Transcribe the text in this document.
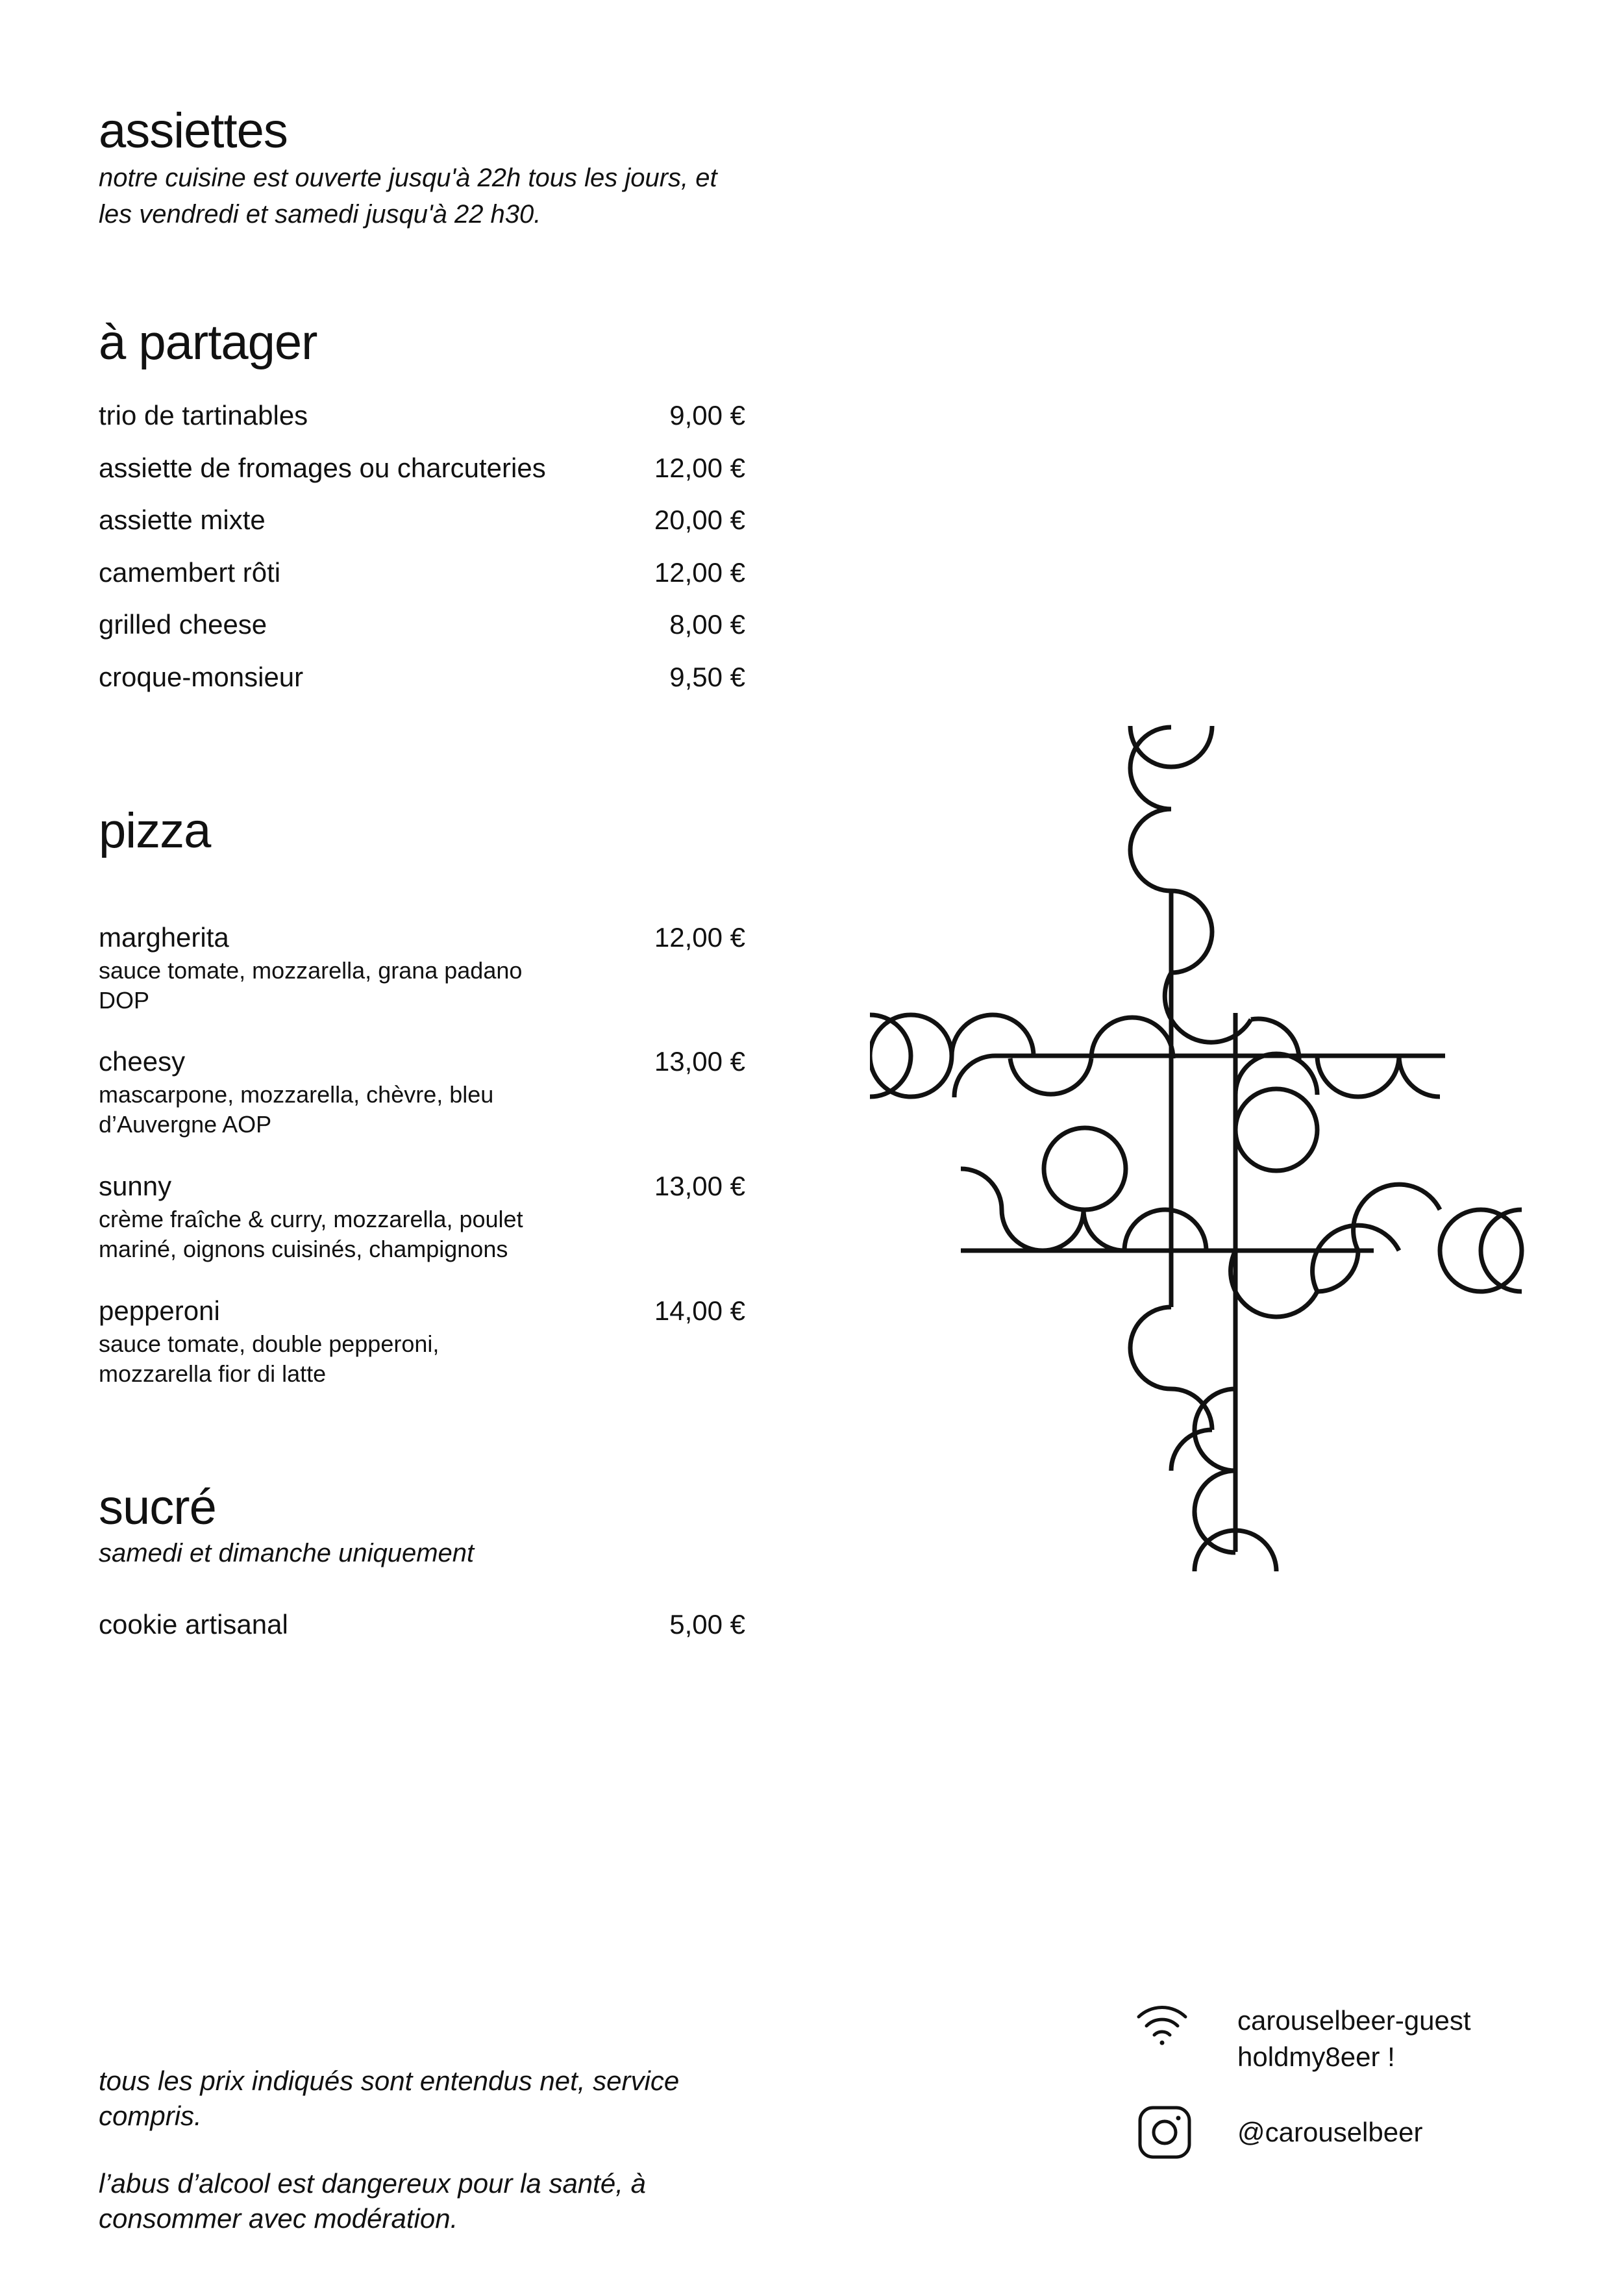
assiettes
notre cuisine est ouverte jusqu'à 22h tous les jours, et
les vendredi et samedi jusqu'à 22 h30.
à partager
trio de tartinables	9,00 €
assiette de fromages ou charcuteries	12,00 €
assiette mixte	20,00 €
camembert rôti	12,00 €
grilled cheese	8,00 €
croque-monsieur	9,50 €
pizza
margherita	12,00 €
sauce tomate, mozzarella, grana padano
DOP
cheesy	13,00 €
mascarpone, mozzarella, chèvre, bleu
d’Auvergne AOP
sunny	13,00 €
crème fraîche & curry, mozzarella, poulet
mariné, oignons cuisinés, champignons
pepperoni	14,00 €
sauce tomate, double pepperoni,
mozzarella fior di latte
sucré
samedi et dimanche uniquement
cookie artisanal	5,00 €
tous les prix indiqués sont entendus net, service
compris.
l’abus d’alcool est dangereux pour la santé, à
consommer avec modération.
carouselbeer-guest
holdmy8eer !
@carouselbeer
